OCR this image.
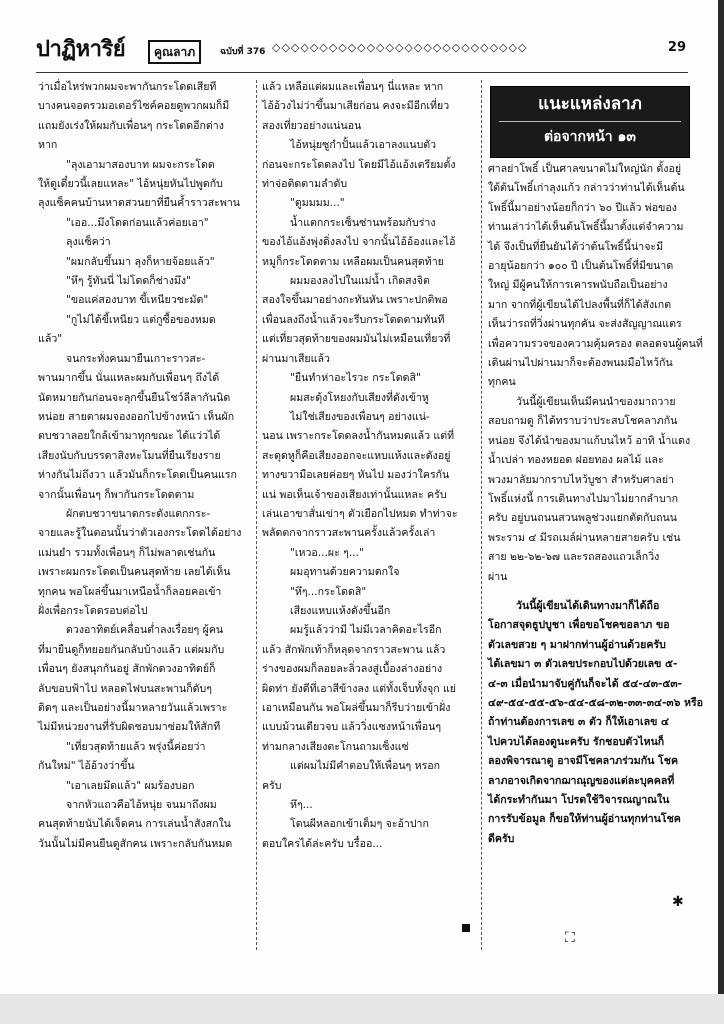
ปาฏิหาริย์	คูณลาภ	ฉบับที่ 376 ◇◇◇◇◇◇◇◇◇◇◇◇◇◇◇◇◇◇◇◇◇◇◇◇◇◇◇	29

ว่าเมื่อไหร่พวกผมจะพากันกระโดดเสียที

บางคนจอตรวมอเตอร์ไซค์คอยดูพวกผมก็มี

แถมยังเร่งให้ผมกับเพื่อนๆ กระโดดอีกต่าง

หาก

"ลุงเอามาสองบาท ผมจะกระโดด

ให้ดูเดี๋ยวนี้เลยแหละ" ไอ้หนุ่ยหันไปพูดกับ

ลุงแซ็คคนบ้านหาดสวนยาที่ยืนค้ำราวสะพาน

"เออ...มึงโดดก่อนแล้วค่อยเอา"

ลุงแซ็คว่า

"ผมกลับขึ้นมา ลุงก็หายจ้อยแล้ว"

"หึๆ รู้ทันนี่ ไม่โดดก็ช่างมึง"

"ขอแค่สองบาท ขี้เหนียวชะมัด"

"กูไม่ได้ขี้เหนียว แต่กูซื้อของหมด

แล้ว"

จนกระทั่งคนมายืนเกาะราวสะ-

พานมากขึ้น นั่นแหละผมกับเพื่อนๆ ถึงได้

นัดหมายกันก่อนจะลุกขึ้นยืนโชว์ลีลากันนิด

หน่อย สายตาผมจองออกไปข้างหน้า เห็นผัก

ตบชวาลอยใกล้เข้ามาทุกขณะ ได้แว่วได้

เสียงนับกับบรรดาสิงหะโมนที่ยืนเรียงราย

ห่างกันไม่ถึงวา แล้วมันก็กระโดดเป็นคนแรก

จากนั้นเพื่อนๆ ก็พากันกระโดดตาม

ผักตบชวาขนาดกระดังแตกกระ-

จายและรู้ในตอนนั้นว่าตัวเองกระโดดได้อย่าง

แม่นยำ รวมทั้งเพื่อนๆ ก็ไม่พลาดเช่นกัน

เพราะผมกระโดดเป็นคนสุดท้าย เลยได้เห็น

ทุกคน พอโผล่ขึ้นมาเหนือน้ำก็ลอยคอเข้า

ฝั่งเพื่อกระโดดรอบต่อไป

ดวงอาทิตย์เคลื่อนต่ำลงเรื่อยๆ ผู้คน

ที่มายืนดูก็ทยอยกันกลับบ้างแล้ว แต่ผมกับ

เพื่อนๆ ยังสนุกกันอยู่ สักพักดวงอาทิตย์ก็

ลับขอบฟ้าไป หลอดไฟบนสะพานก็ดับๆ

ติดๆ และเป็นอย่างนี้มาหลายวันแล้วเพราะ

ไม่มีหน่วยงานที่รับผิดชอบมาซ่อมให้สักที

"เที่ยวสุดท้ายแล้ว พรุ่งนี้ค่อยว่า

กันใหม่" ไอ้อ้วงว่าขึ้น

"เอาเลยมึดแล้ว" ผมร้องบอก

จากหัวแถวคือไอ้หนุ่ย จนมาถึงผม

คนสุดท้ายนับได้เจ็ดคน การเล่นน้ำสังสกใน

วันนั้นไม่มีคนยืนดูสักคน เพราะกลับกันหมด

แล้ว เหลือแต่ผมและเพื่อนๆ นี่แหละ หาก

ไอ้อ้วงไม่ว่าขึ้นมาเสียก่อน คงจะมีอีกเที่ยว

สองเที่ยวอย่างแน่นอน

ไอ้หนุ่ยซูกำปั้นแล้วเอาลงแนบตัว

ก่อนจะกระโดดลงไป โดยมีไอ้แอ้งเตรียมตั้ง

ท่าจ่อติดตามลำดับ

"ตูมมมม..."

น้ำแตกกระเซ็นซ่านพร้อมกับร่าง

ของไอ้แอ้งพุ่งดิ่งลงไป จากนั้นไอ้อ้องและไอ้

หมูก็กระโดดตาม เหลือผมเป็นคนสุดท้าย

ผมมองลงไปในแม่น้ำ เกิดสงจิต

สองใจขึ้นมาอย่างกะทันหัน เพราะปกติพอ

เพื่อนลงถึงน้ำแล้วจะรีบกระโดดตามทันที

แต่เที่ยวสุดท้ายของผมมันไม่เหมือนเที่ยวที่

ผ่านมาเสียแล้ว

"ยืนทำห่าอะไรวะ กระโดดสิ"

ผมสะดุ้งโหยงกับเสียงที่ดังเข้าหู

ไม่ใช่เสียงของเพื่อนๆ อย่างแน่-

นอน เพราะกระโดดลงน้ำกันหมดแล้ว แต่ที่

สะดุดหูก็คือเสียงออกจะแหบแห้งและดังอยู่

ทางขวามือเลยค่อยๆ หันไป มองว่าใครกัน

แน่ พอเห็นเจ้าของเสียงเท่านั้นแหละ ครับ

เล่นเอาขาสั่นเข่าๆ ตัวเยือกไปหมด ทำท่าจะ

พลัดตกจากราวสะพานครั้งแล้วครั้งเล่า

"เหวอ...ผะ ๆ..."

ผมอุทานด้วยความตกใจ

"หึๆ...กระโดดสิ"

เสียงแหบแห้งดังขึ้นอีก

ผมรู้แล้วว่ามี ไม่มีเวลาคิดอะไรอีก

แล้ว สักพักเท้าก็หลุดจากราวสะพาน แล้ว

ร่างของผมก็ลอยละลิ่วลงสู่เบื้องล่างอย่าง

ผิดท่า ยังดีที่เอาสีข้างลง แต่ทั้งเจ็บทั้งจุก แย่

เอาเหมือนกัน พอโผล่ขึ้นมาก็รีบว่ายเข้าฝั่ง

แบบม้วนเดียวจบ แล้ววิ่งแซงหน้าเพื่อนๆ

ท่ามกลางเสียงตะโกนถามเซ็งแซ่

แต่ผมไม่มีคำตอบให้เพื่อนๆ หรอก

ครับ

หึๆ...

โดนผีหลอกเข้าเต็มๆ จะอ้าปาก

ตอบใครได้ล่ะครับ บรื๋ออ...

แนะแหล่งลาภ
ต่อจากหน้า ๑๓

ศาลย่าโพธิ์ เป็นศาลขนาดไม่ใหญ่นัก ตั้งอยู่

ใต้ต้นโพธิ์เก่าลุงแก้ว กล่าวว่าท่านได้เห็นต้น

โพธิ์นี้มาอย่างน้อยก็กว่า ๖๐ ปีแล้ว พ่อของ

ท่านเล่าว่าได้เห็นต้นโพธิ์นี้มาตั้งแต่จำความ

ได้ จึงเป็นที่ยืนยันได้ว่าต้นโพธิ์นี้น่าจะมี

อายุน้อยกว่า ๑๐๐ ปี เป็นต้นโพธิ์ที่มีขนาด

ใหญ่ มีผู้คนให้การเคารพนับถือเป็นอย่าง

มาก จากที่ผู้เขียนได้ไปลงพื้นที่ก็ได้สังเกต

เห็นว่ารถที่วิ่งผ่านทุกคัน จะส่งสัญญาณแตร

เพื่อความรวจของความคุ้มครอง ตลอดจนผู้คนที่

เดินผ่านไปผ่านมาก็จะต้องพนมมือไหว้กัน

ทุกคน

วันนี้ผู้เขียนเห็นมีคนนำของมาถวาย

สอบถามดู ก็ได้ทราบว่าประสบโชคลาภกัน

หน่อย จึงได้นำของมาแก้บนไหว้ อาทิ น้ำแดง

น้ำเปล่า ทองหยอด ฝอยทอง ผลไม้ และ

พวงมาลัยมากราบไหว้บูชา สำหรับศาลย่า

โพธิ์แห่งนี้ การเดินทางไปมาไม่ยากลำบาก

ครับ อยู่บนถนนสวนพลูช่วงแยกตัดกับถนน

พระราม ๔ มีรถเมล์ผ่านหลายสายครับ เช่น

สาย ๒๒-๖๒-๖๗ และรถสองแถวเล็กวิ่ง

ผ่าน

วันนี้ผู้เขียนได้เดินทางมาก็ได้ถือ

โอกาสจุดธูปบูชา เพื่อขอโชคขอลาภ ขอ

ตัวเลขสวย ๆ มาฝากท่านผู้อ่านด้วยครับ

ได้เลขมา ๓ ตัวเลขประกอบไปด้วยเลข ๕-

๔-๓ เมื่อนำมาจับคู่กันก็จะได้ ๕๔-๔๓-๕๓-

๔๙-๕๔-๕๕-๕๖-๕๔-๕๘-๓๒-๓๓-๓๔-๓๖ หรือ

ถ้าท่านต้องการเลข ๓ ตัว ก็ให้เอาเลข ๔

ไปควบได้ลองดูนะครับ รักชอบตัวไหนก็

ลองพิจารณาดู อาจมีโชคลาภร่วมกัน โชค

ลาภอาจเกิดจากฌาณุญของแต่ละบุคคลที่

ได้กระทำกันมา โปรดใช้วิจารณญาณใน

การรับข้อมูล ก็ขอให้ท่านผู้อ่านทุกท่านโชค

ดีครับ

✱
⛶
